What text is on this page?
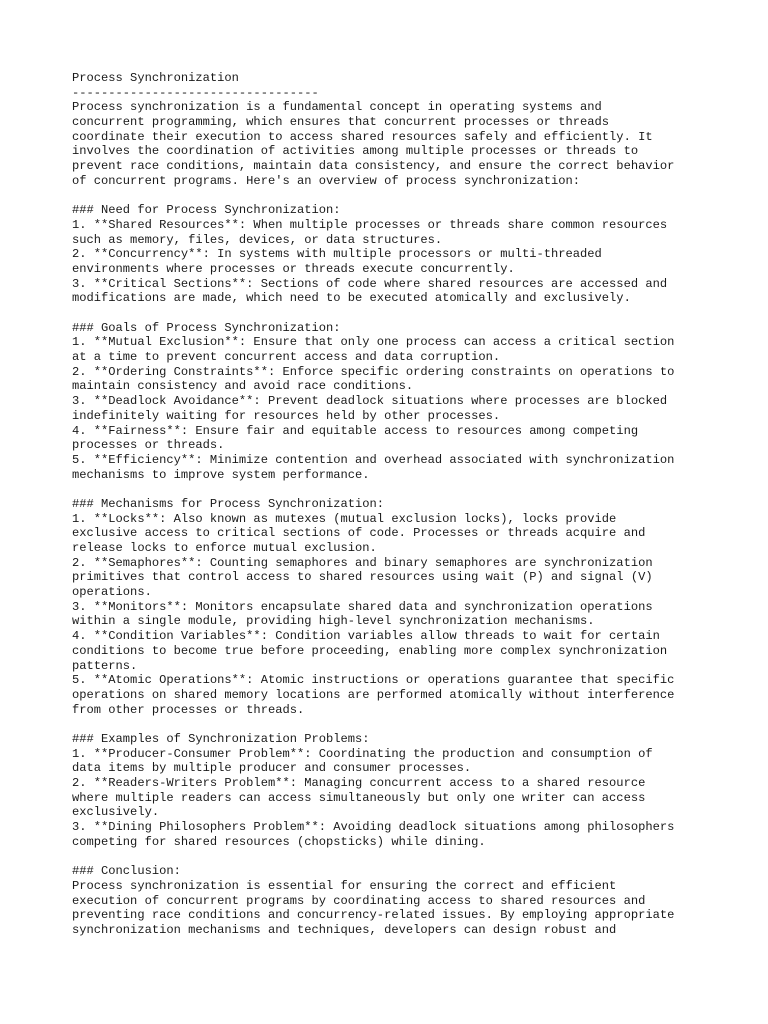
Process Synchronization
----------------------------------
Process synchronization is a fundamental concept in operating systems and
concurrent programming, which ensures that concurrent processes or threads
coordinate their execution to access shared resources safely and efficiently. It
involves the coordination of activities among multiple processes or threads to
prevent race conditions, maintain data consistency, and ensure the correct behavior
of concurrent programs. Here's an overview of process synchronization:
### Need for Process Synchronization:
1. **Shared Resources**: When multiple processes or threads share common resources
such as memory, files, devices, or data structures.
2. **Concurrency**: In systems with multiple processors or multi-threaded
environments where processes or threads execute concurrently.
3. **Critical Sections**: Sections of code where shared resources are accessed and
modifications are made, which need to be executed atomically and exclusively.
### Goals of Process Synchronization:
1. **Mutual Exclusion**: Ensure that only one process can access a critical section
at a time to prevent concurrent access and data corruption.
2. **Ordering Constraints**: Enforce specific ordering constraints on operations to
maintain consistency and avoid race conditions.
3. **Deadlock Avoidance**: Prevent deadlock situations where processes are blocked
indefinitely waiting for resources held by other processes.
4. **Fairness**: Ensure fair and equitable access to resources among competing
processes or threads.
5. **Efficiency**: Minimize contention and overhead associated with synchronization
mechanisms to improve system performance.
### Mechanisms for Process Synchronization:
1. **Locks**: Also known as mutexes (mutual exclusion locks), locks provide
exclusive access to critical sections of code. Processes or threads acquire and
release locks to enforce mutual exclusion.
2. **Semaphores**: Counting semaphores and binary semaphores are synchronization
primitives that control access to shared resources using wait (P) and signal (V)
operations.
3. **Monitors**: Monitors encapsulate shared data and synchronization operations
within a single module, providing high-level synchronization mechanisms.
4. **Condition Variables**: Condition variables allow threads to wait for certain
conditions to become true before proceeding, enabling more complex synchronization
patterns.
5. **Atomic Operations**: Atomic instructions or operations guarantee that specific
operations on shared memory locations are performed atomically without interference
from other processes or threads.
### Examples of Synchronization Problems:
1. **Producer-Consumer Problem**: Coordinating the production and consumption of
data items by multiple producer and consumer processes.
2. **Readers-Writers Problem**: Managing concurrent access to a shared resource
where multiple readers can access simultaneously but only one writer can access
exclusively.
3. **Dining Philosophers Problem**: Avoiding deadlock situations among philosophers
competing for shared resources (chopsticks) while dining.
### Conclusion:
Process synchronization is essential for ensuring the correct and efficient
execution of concurrent programs by coordinating access to shared resources and
preventing race conditions and concurrency-related issues. By employing appropriate
synchronization mechanisms and techniques, developers can design robust and
